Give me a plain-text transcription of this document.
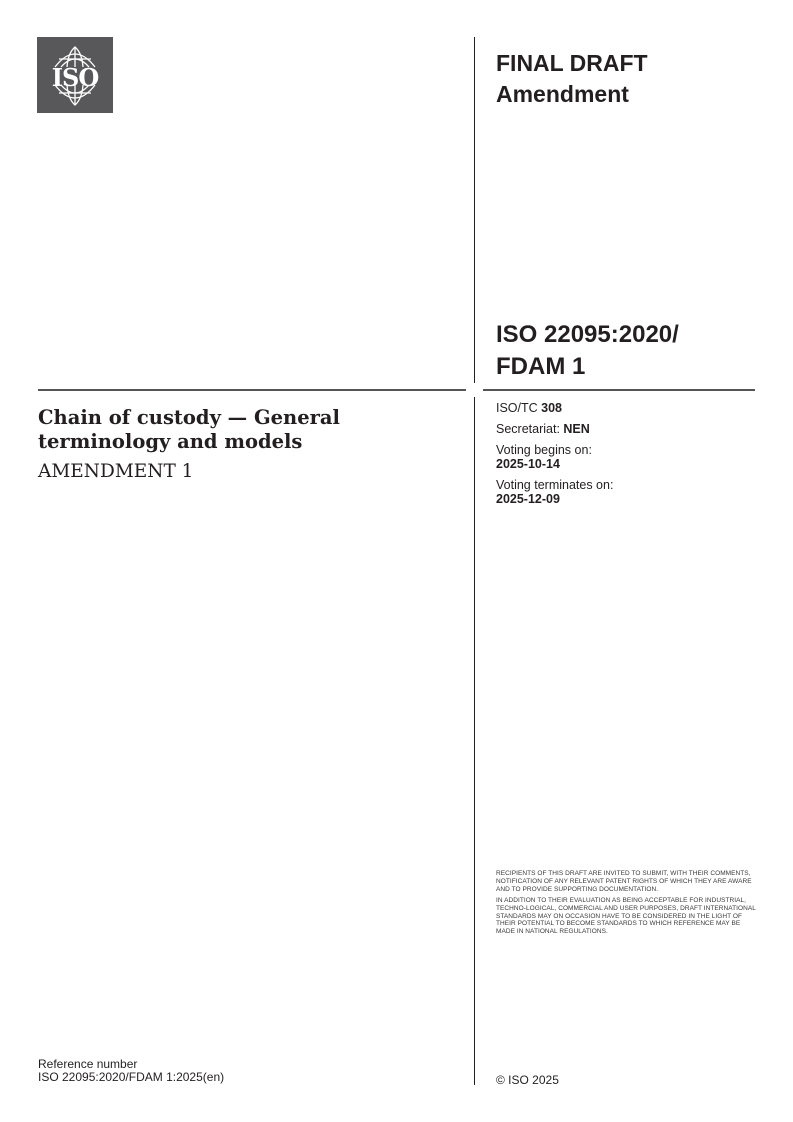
ISO	FINAL DRAFT
Amendment
ISO 22095:2020/
FDAM 1
Chain of custody — General
terminology and models
AMENDMENT 1
ISO/TC 308
Secretariat: NEN
Voting begins on:
2025-10-14
Voting terminates on:
2025-12-09

RECIPIENTS OF THIS DRAFT ARE INVITED TO SUBMIT, WITH THEIR COMMENTS, NOTIFICATION OF ANY RELEVANT PATENT RIGHTS OF WHICH THEY ARE AWARE AND TO PROVIDE SUPPORTING DOCUMENTATION.

IN ADDITION TO THEIR EVALUATION AS BEING ACCEPTABLE FOR INDUSTRIAL, TECHNO-LOGICAL, COMMERCIAL AND USER PURPOSES, DRAFT INTERNATIONAL STANDARDS MAY ON OCCASION HAVE TO BE CONSIDERED IN THE LIGHT OF THEIR POTENTIAL TO BECOME STANDARDS TO WHICH REFERENCE MAY BE MADE IN NATIONAL REGULATIONS.

Reference number
ISO 22095:2020/FDAM 1:2025(en)	© ISO 2025
